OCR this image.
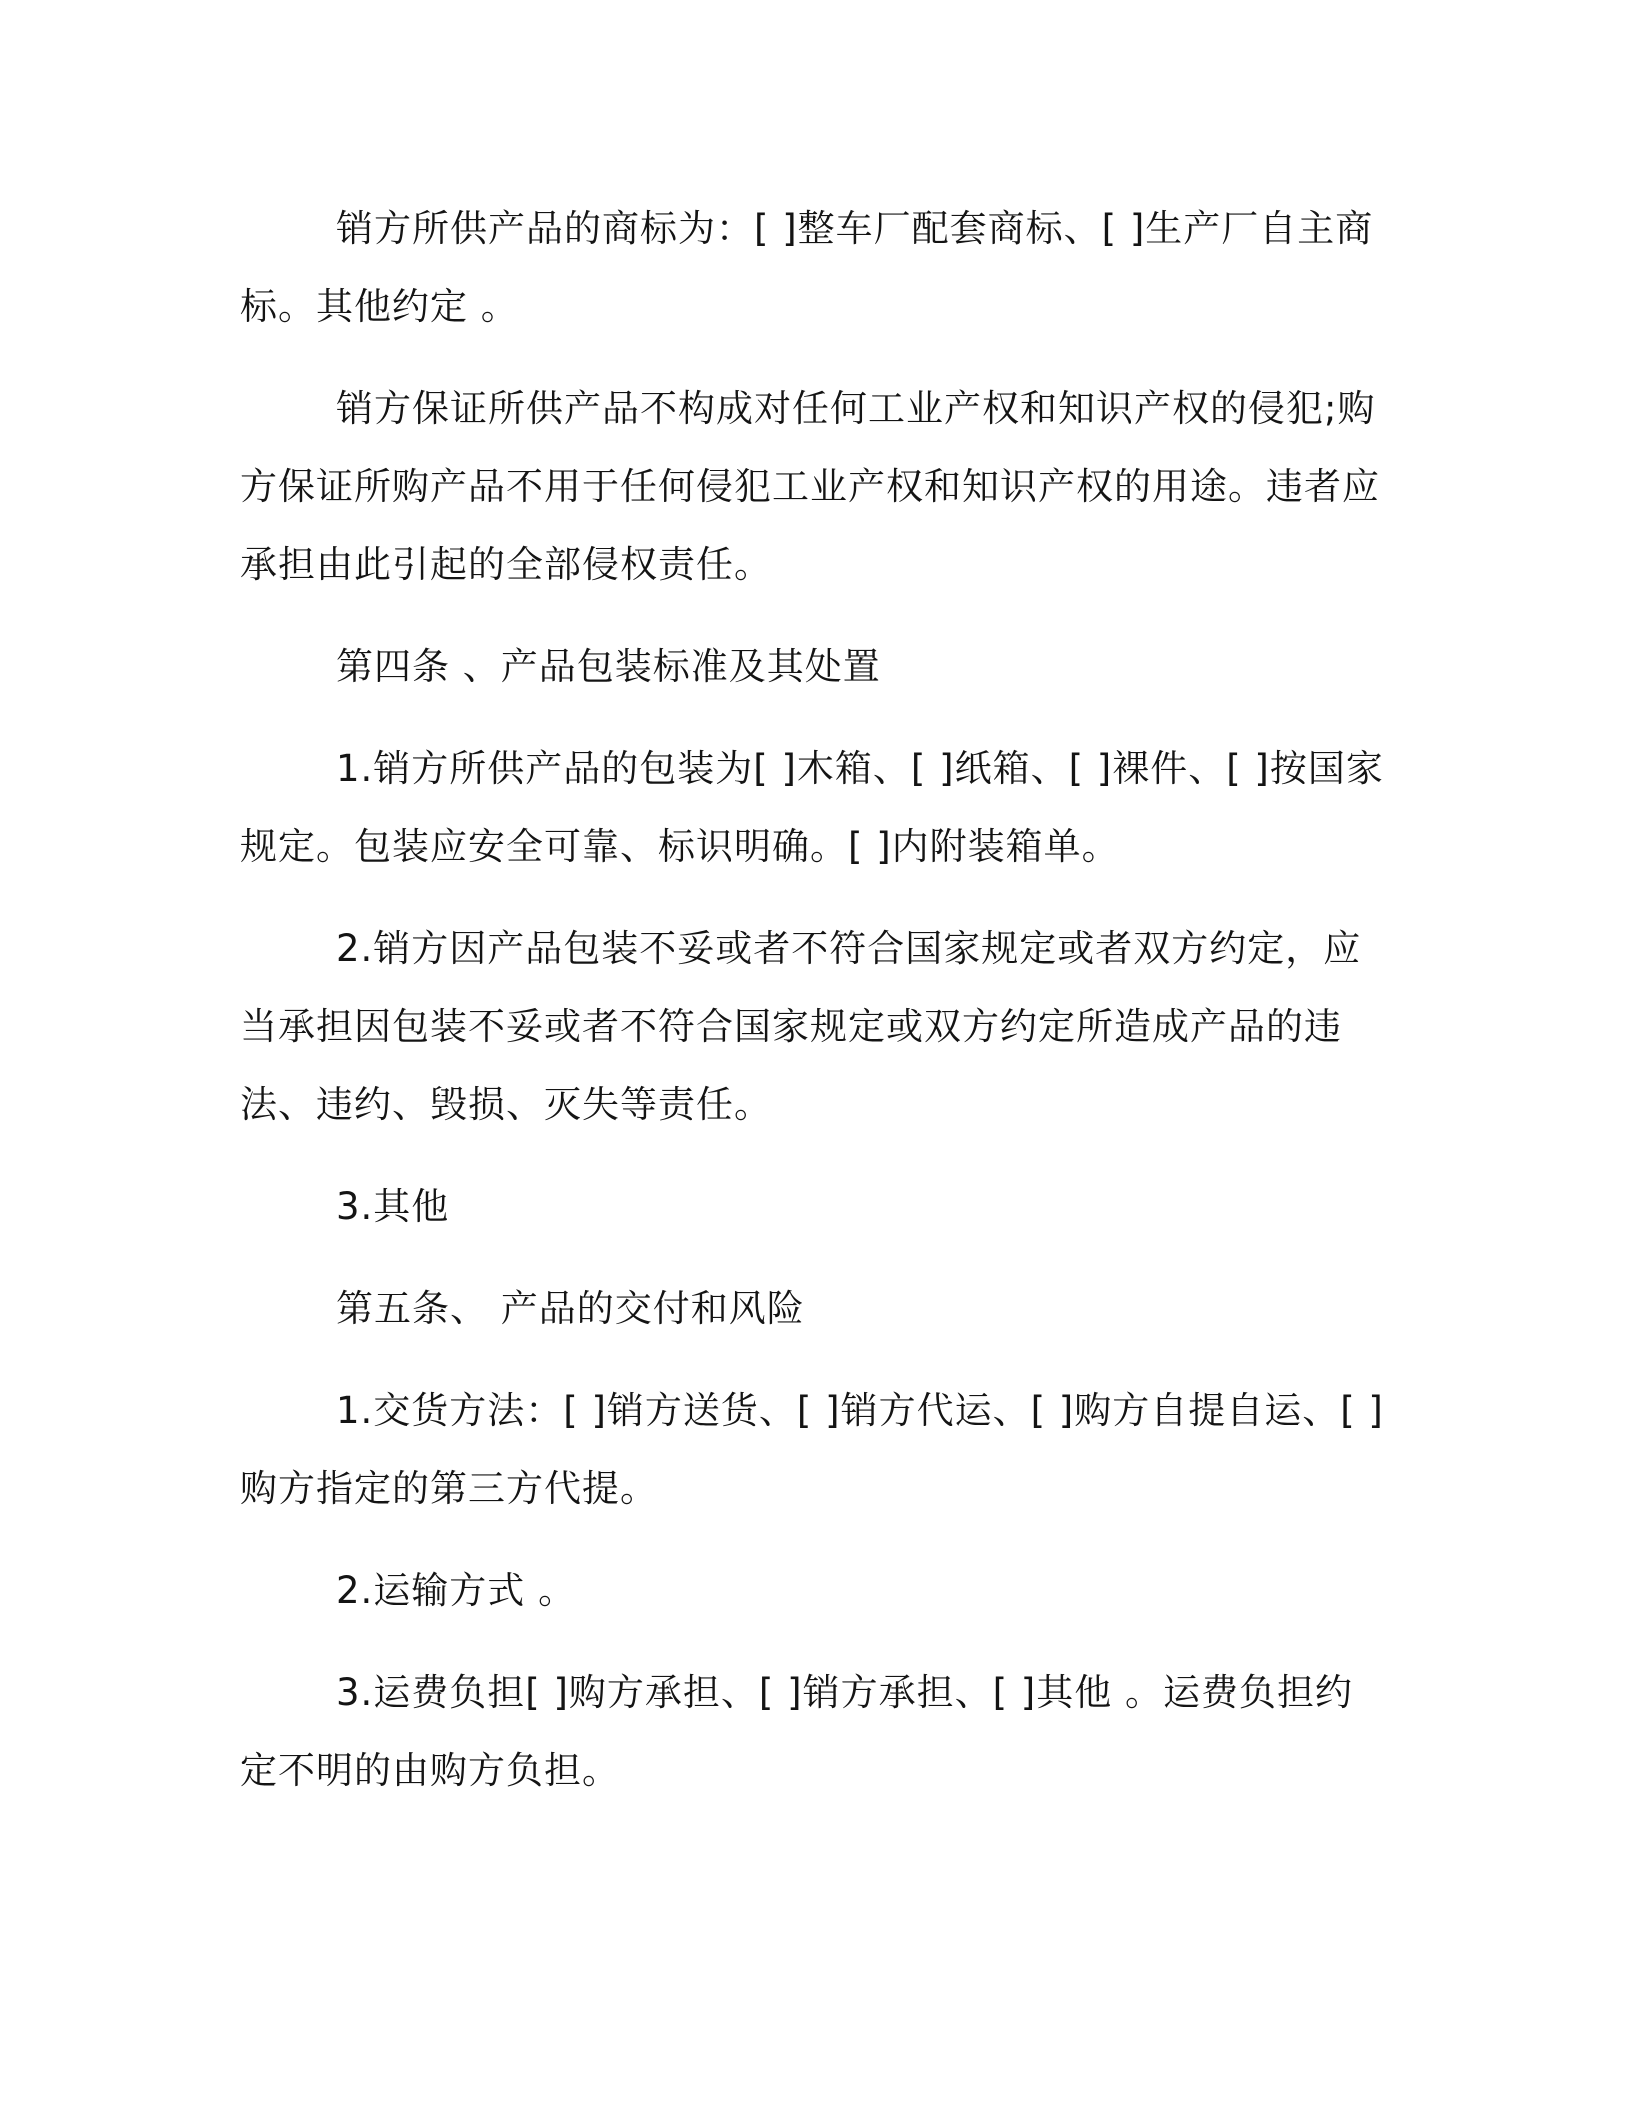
销方所供产品的商标为：[ ]整车厂配套商标、[ ]生产厂自主商标。其他约定 。

销方保证所供产品不构成对任何工业产权和知识产权的侵犯;购方保证所购产品不用于任何侵犯工业产权和知识产权的用途。违者应承担由此引起的全部侵权责任。

第四条 、产品包装标准及其处置

1.销方所供产品的包装为[ ]木箱、[ ]纸箱、[ ]裸件、[ ]按国家规定。包装应安全可靠、标识明确。[ ]内附装箱单。

2.销方因产品包装不妥或者不符合国家规定或者双方约定，应当承担因包装不妥或者不符合国家规定或双方约定所造成产品的违法、违约、毁损、灭失等责任。

3.其他

第五条、 产品的交付和风险

1.交货方法：[ ]销方送货、[ ]销方代运、[ ]购方自提自运、[ ]购方指定的第三方代提。

2.运输方式 。

3.运费负担[ ]购方承担、[ ]销方承担、[ ]其他 。运费负担约定不明的由购方负担。
